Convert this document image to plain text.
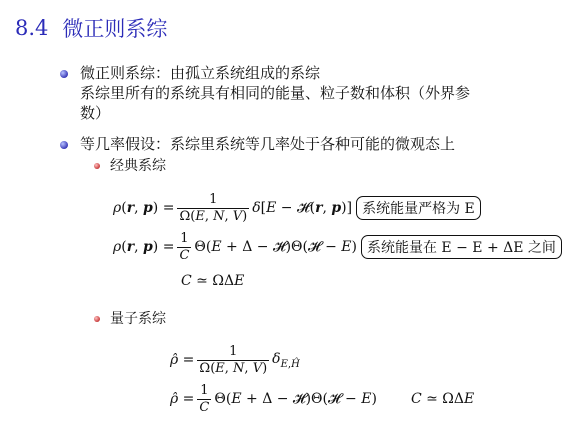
8.4 微正则系综
微正则系综：由孤立系统组成的系综
系综里所有的系统具有相同的能量、粒子数和体积（外界参
数）
等几率假设：系综里系统等几率处于各种可能的微观态上
经典系综
ρ(r, $p) = \frac{1}{\Omega(E, N, V)} \delta[E$ − 𝓗(r, p)] 系统能量严格为 E
ρ(r, $p) = \frac{1}{C} \Theta(E + \Delta$ − 𝓗)Θ(𝓗 − E) 系统能量在 E − E + ΔE 之间
C ≃ ΩΔE
量子系综
ρ̂ = $\frac{1}{\Omega(E, N, V)} \delta_{E,Ĥ}$
ρ̂ = $\frac{1}{C} \Theta(E + \Delta$ − 𝓗)Θ(𝓗 − E) C ≃ ΩΔE
